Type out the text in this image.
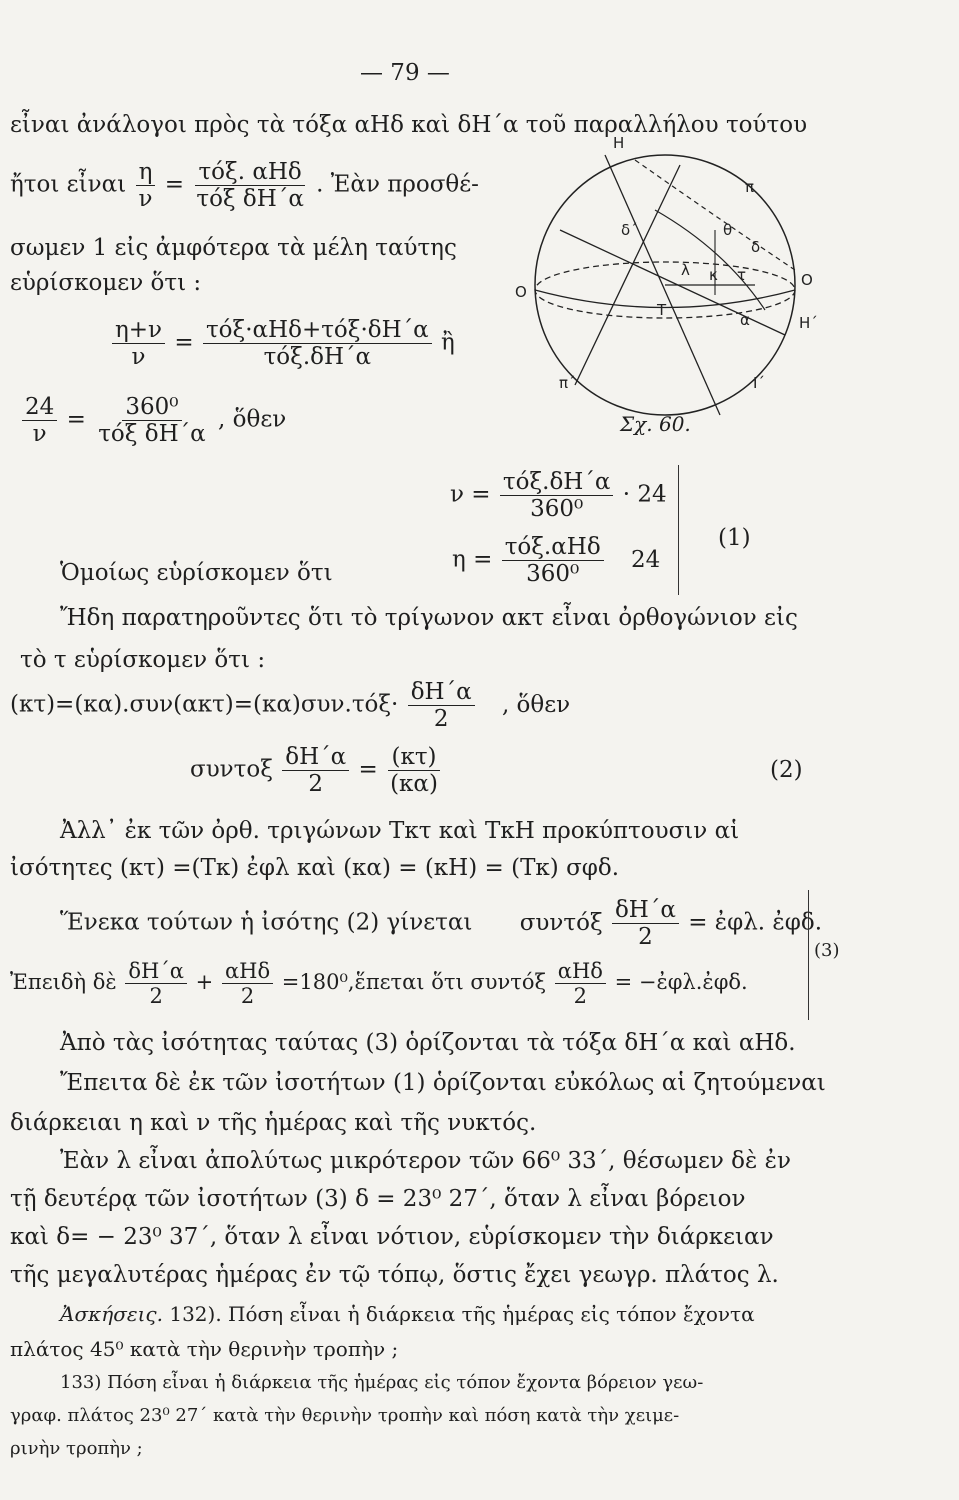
— 79 —
εἶναι ἀνάλογοι πρὸς τὰ τόξα αΗδ καὶ δΗ΄α τοῦ παραλλήλου τούτου
ἤτοι εἶναι $\frac{\eta}{\nu} = \frac{\text{τόξ. αΗδ}}{\text{τόξ δΗ΄α}}$ . Ἐὰν προσθέ-
σωμεν 1 εἰς ἀμφότερα τὰ μέλη ταύτης
εὑρίσκομεν ὅτι :
$\frac{\eta+\nu}{\nu} = \frac{\text{τόξ·αΗδ+τόξ·δΗ΄α}}{\text{τόξ.δΗ΄α}}$ ἢ
$\frac{24}{\nu} = \frac{\text{360⁰}}{\text{τόξ δΗ΄α}}$ , ὅθεν
Η
π
δ΄	θ
δ
Ο
Ο
λ κ τ
Τ
α	Η΄
π΄	Ι΄
Σχ. 60.
$\nu = \frac{\text{τόξ.δΗ΄α}}{\text{360⁰}} \cdot 24$
Ὁμοίως εὑρίσκομεν ὅτι
$\eta = \frac{\text{τόξ.αΗδ}}{\text{360⁰}} 24$
(1)
Ἤδη παρατηροῦντες ὅτι τὸ τρίγωνον ακτ εἶναι ὀρθογώνιον εἰς
τὸ τ εὑρίσκομεν ὅτι :
$(\kappa\tau)=(\kappa\alpha).\sigma\upsilon\nu(\alpha\kappa\tau)=(\kappa\alpha)\sigma\upsilon\nu.\tau ό\xi\cdot \frac{\delta H΄\alpha}{2}$ , ὅθεν
συντοξ $\frac{\delta H΄\alpha}{2} = \frac{(\kappa\tau)}{(\kappa\alpha)}$	(2)
Ἀλλ᾽ ἐκ τῶν ὀρθ. τριγώνων Τκτ καὶ ΤκΗ προκύπτουσιν αἱ
ἰσότητες (κτ) =(Τκ) ἐφλ καὶ (κα) = (κΗ) = (Τκ) σφδ.
Ἕνεκα τούτων ἡ ἰσότης (2) γίνεται συντόξ $\frac{\delta H΄\alpha}{2}$ = ἐφλ. ἐφδ.
Ἐπειδὴ δὲ $\frac{\delta H΄\alpha}{2} + \frac{\text{αΗδ}}{2}$ =180⁰,ἕπεται ὅτι συντόξ $\frac{\text{αΗδ}}{2}$ = −ἐφλ.ἐφδ.
(3)
Ἀπὸ τὰς ἰσότητας ταύτας (3) ὁρίζονται τὰ τόξα δΗ΄α καὶ αΗδ.
Ἔπειτα δὲ ἐκ τῶν ἰσοτήτων (1) ὁρίζονται εὐκόλως αἱ ζητούμεναι
διάρκειαι η καὶ ν τῆς ἡμέρας καὶ τῆς νυκτός.
Ἐὰν λ εἶναι ἀπολύτως μικρότερον τῶν 66⁰ 33΄, θέσωμεν δὲ ἐν
τῇ δευτέρᾳ τῶν ἰσοτήτων (3) δ = 23⁰ 27΄, ὅταν λ εἶναι βόρειον
καὶ δ= − 23⁰ 37΄, ὅταν λ εἶναι νότιον, εὑρίσκομεν τὴν διάρκειαν
τῆς μεγαλυτέρας ἡμέρας ἐν τῷ τόπῳ, ὅστις ἔχει γεωγρ. πλάτος λ.
Ἀσκήσεις. 132). Πόση εἶναι ἡ διάρκεια τῆς ἡμέρας εἰς τόπον ἔχοντα
πλάτος 45⁰ κατὰ τὴν θερινὴν τροπὴν ;
133) Πόση εἶναι ἡ διάρκεια τῆς ἡμέρας εἰς τόπον ἔχοντα βόρειον γεω-
γραφ. πλάτος 23⁰ 27΄ κατὰ τὴν θερινὴν τροπὴν καὶ πόση κατὰ τὴν χειμε-
ρινὴν τροπὴν ;
